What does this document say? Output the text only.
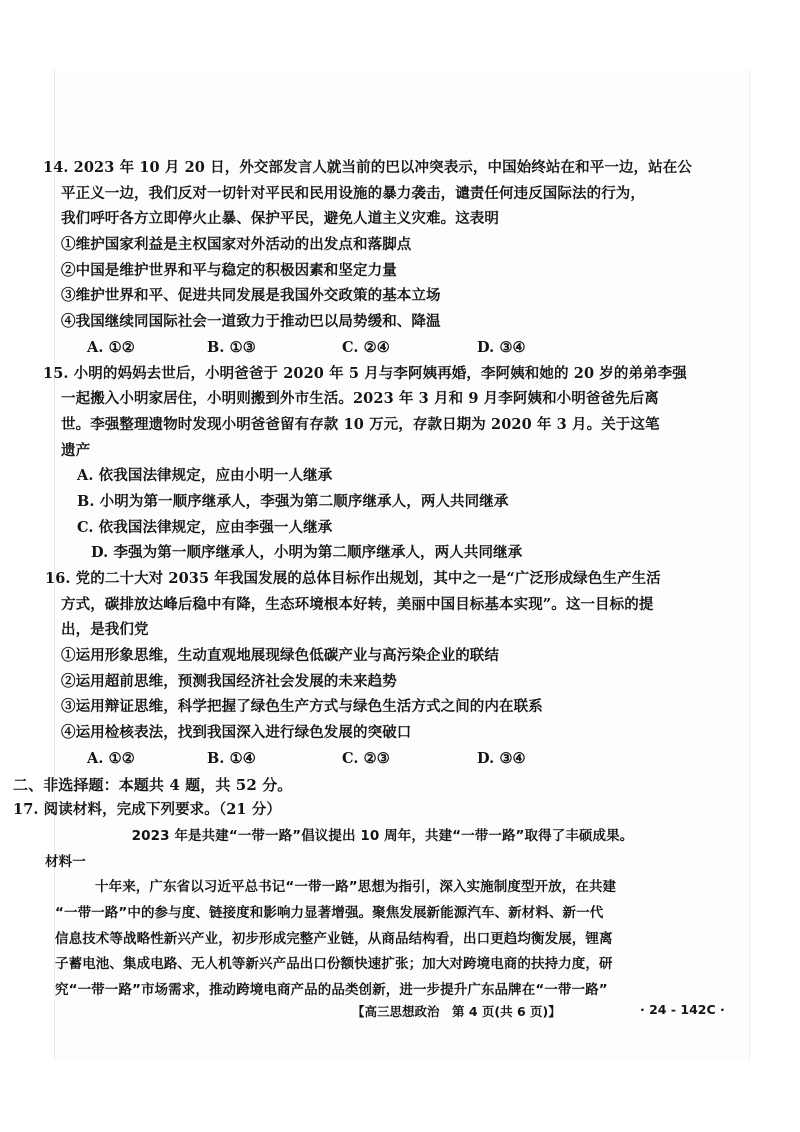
14. 2023 年 10 月 20 日，外交部发言人就当前的巴以冲突表示，中国始终站在和平一边，站在公
平正义一边，我们反对一切针对平民和民用设施的暴力袭击，谴责任何违反国际法的行为，
我们呼吁各方立即停火止暴、保护平民，避免人道主义灾难。这表明
①维护国家利益是主权国家对外活动的出发点和落脚点
②中国是维护世界和平与稳定的积极因素和坚定力量
③维护世界和平、促进共同发展是我国外交政策的基本立场
④我国继续同国际社会一道致力于推动巴以局势缓和、降温
A. ①②	B. ①③	C. ②④	D. ③④
15. 小明的妈妈去世后，小明爸爸于 2020 年 5 月与李阿姨再婚，李阿姨和她的 20 岁的弟弟李强
一起搬入小明家居住，小明则搬到外市生活。2023 年 3 月和 9 月李阿姨和小明爸爸先后离
世。李强整理遗物时发现小明爸爸留有存款 10 万元，存款日期为 2020 年 3 月。关于这笔
遗产
A. 依我国法律规定，应由小明一人继承
B. 小明为第一顺序继承人，李强为第二顺序继承人，两人共同继承
C. 依我国法律规定，应由李强一人继承
D. 李强为第一顺序继承人，小明为第二顺序继承人，两人共同继承
16. 党的二十大对 2035 年我国发展的总体目标作出规划，其中之一是“广泛形成绿色生产生活
方式，碳排放达峰后稳中有降，生态环境根本好转，美丽中国目标基本实现”。这一目标的提
出，是我们党
①运用形象思维，生动直观地展现绿色低碳产业与高污染企业的联结
②运用超前思维，预测我国经济社会发展的未来趋势
③运用辩证思维，科学把握了绿色生产方式与绿色生活方式之间的内在联系
④运用检核表法，找到我国深入进行绿色发展的突破口
A. ①②	B. ①④	C. ②③	D. ③④
二、非选择题：本题共 4 题，共 52 分。
17. 阅读材料，完成下列要求。（21 分）
2023 年是共建“一带一路”倡议提出 10 周年，共建“一带一路”取得了丰硕成果。
材料一
十年来，广东省以习近平总书记“一带一路”思想为指引，深入实施制度型开放，在共建
“一带一路”中的参与度、链接度和影响力显著增强。聚焦发展新能源汽车、新材料、新一代
信息技术等战略性新兴产业，初步形成完整产业链，从商品结构看，出口更趋均衡发展，锂离
子蓄电池、集成电路、无人机等新兴产品出口份额快速扩张；加大对跨境电商的扶持力度，研
究“一带一路”市场需求，推动跨境电商产品的品类创新，进一步提升广东品牌在“一带一路”
【高三思想政治　第 4 页(共 6 页)】	· 24 - 142C ·
